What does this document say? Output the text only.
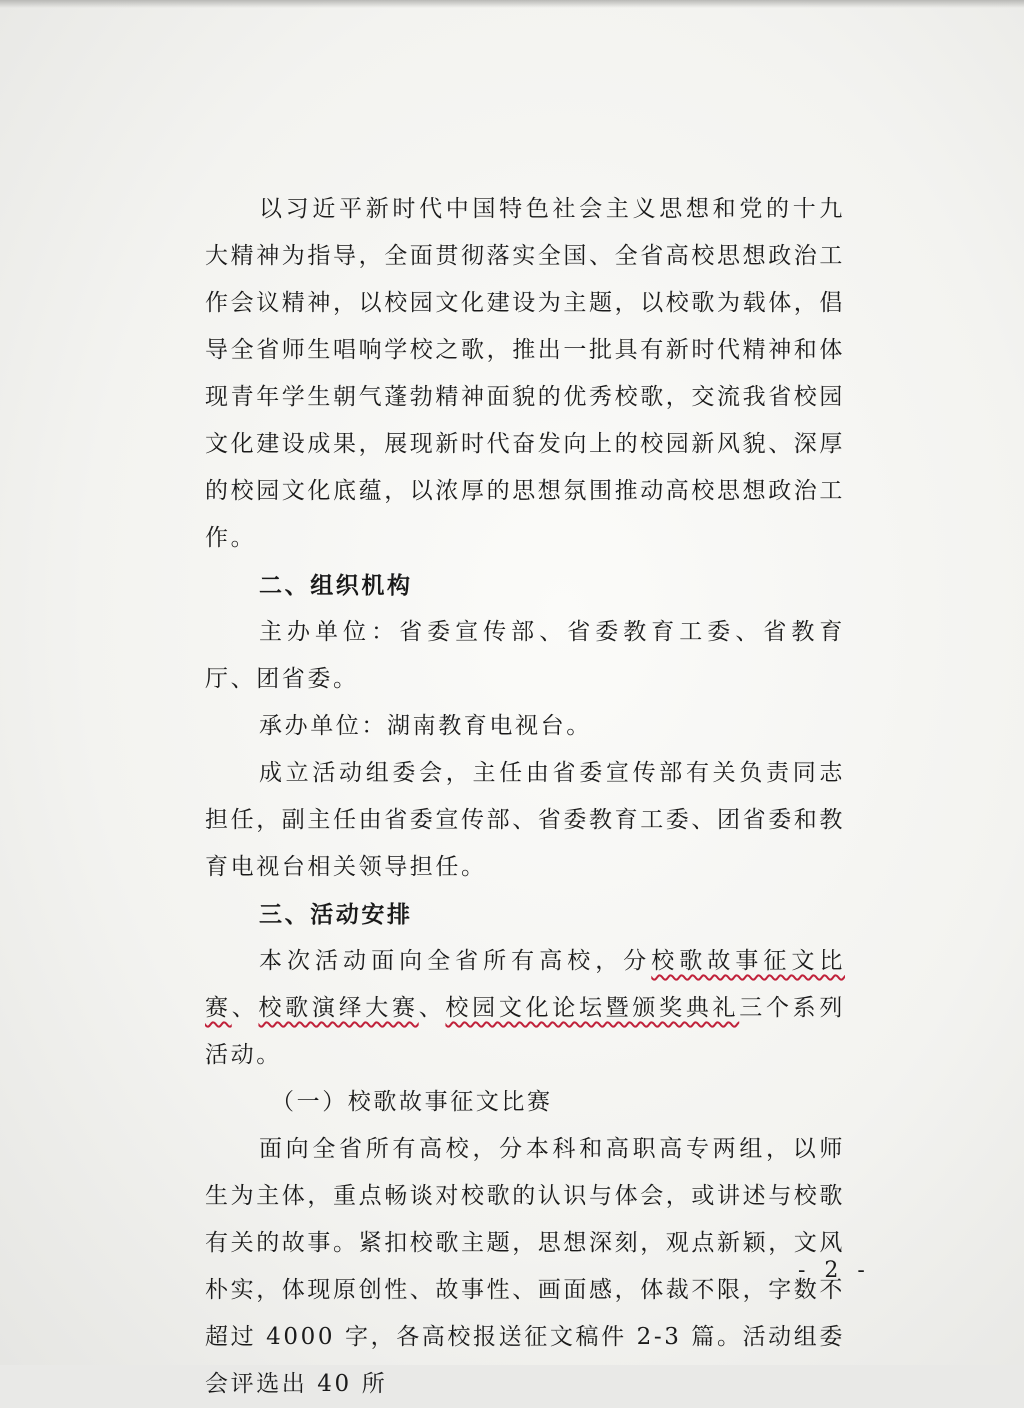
以习近平新时代中国特色社会主义思想和党的十九大精神为指导，全面贯彻落实全国、全省高校思想政治工作会议精神，以校园文化建设为主题，以校歌为载体，倡导全省师生唱响学校之歌，推出一批具有新时代精神和体现青年学生朝气蓬勃精神面貌的优秀校歌，交流我省校园文化建设成果，展现新时代奋发向上的校园新风貌、深厚的校园文化底蕴，以浓厚的思想氛围推动高校思想政治工作。

二、组织机构

主办单位：省委宣传部、省委教育工委、省教育厅、团省委。

承办单位：湖南教育电视台。

成立活动组委会，主任由省委宣传部有关负责同志担任，副主任由省委宣传部、省委教育工委、团省委和教育电视台相关领导担任。

三、活动安排

本次活动面向全省所有高校，分校歌故事征文比赛、校歌演绎大赛、校园文化论坛暨颁奖典礼三个系列活动。

（一）校歌故事征文比赛

面向全省所有高校，分本科和高职高专两组，以师生为主体，重点畅谈对校歌的认识与体会，或讲述与校歌有关的故事。紧扣校歌主题，思想深刻，观点新颖，文风朴实，体现原创性、故事性、画面感，体裁不限，字数不超过 4000 字，各高校报送征文稿件 2-3 篇。活动组委会评选出 40 所

- 2 -
